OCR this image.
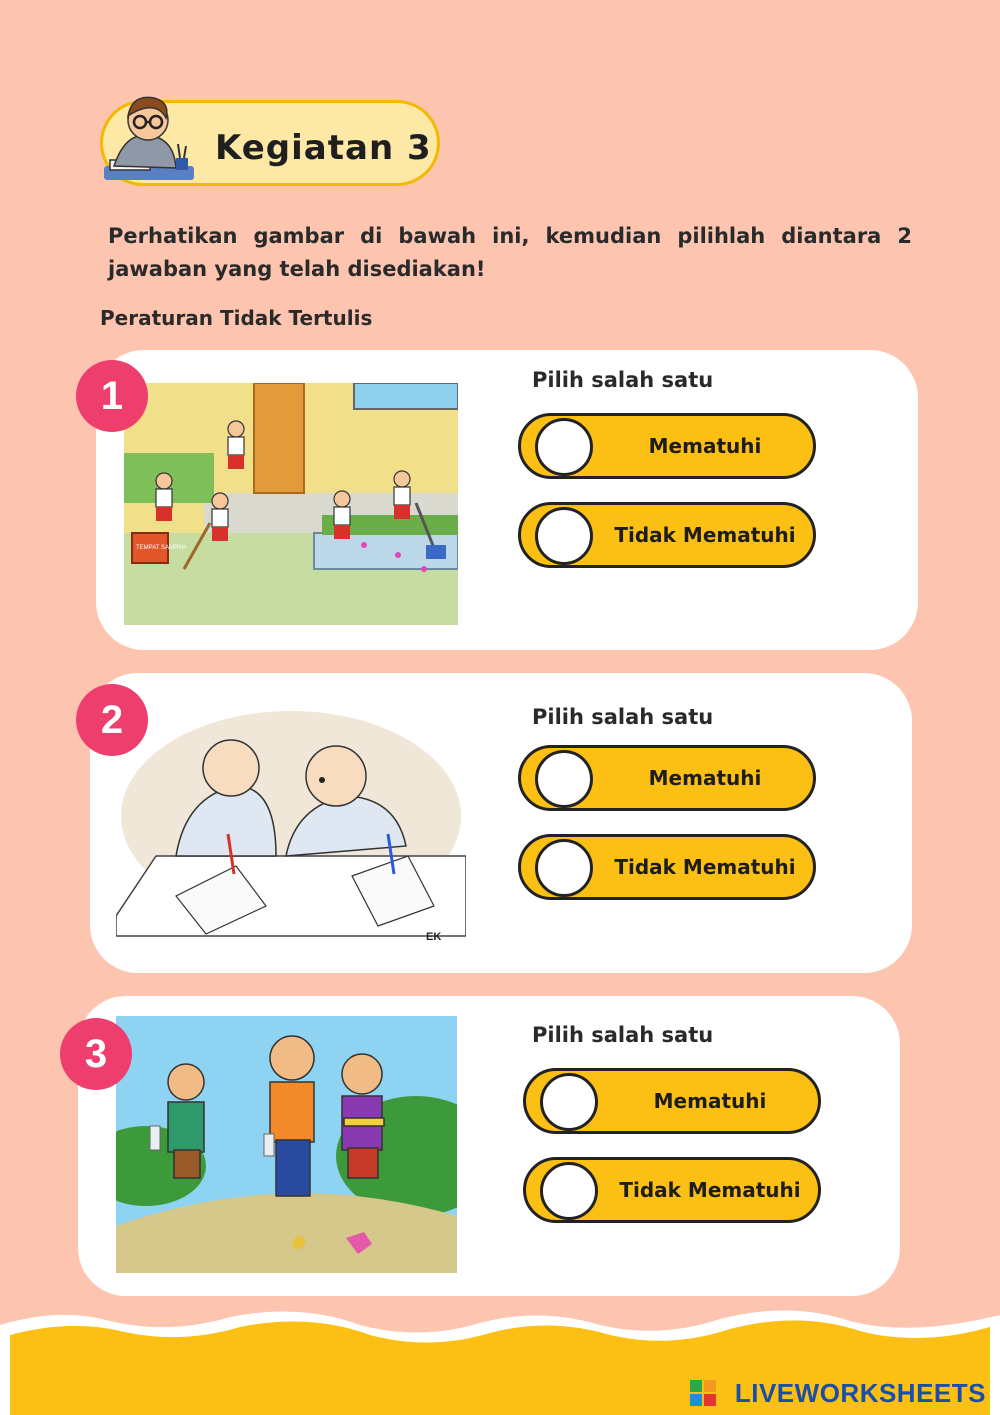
Kegiatan 3
Perhatikan gambar di bawah ini, kemudian pilihlah diantara 2 jawaban yang telah disediakan!
Peraturan Tidak Tertulis
TEMPAT SAMPAH
1	Pilih salah satu
Mematuhi
Tidak Mematuhi
EK
2	Pilih salah satu
Mematuhi
Tidak Mematuhi
3	Pilih salah satu
Mematuhi
Tidak Mematuhi
LIVEWORKSHEETS
